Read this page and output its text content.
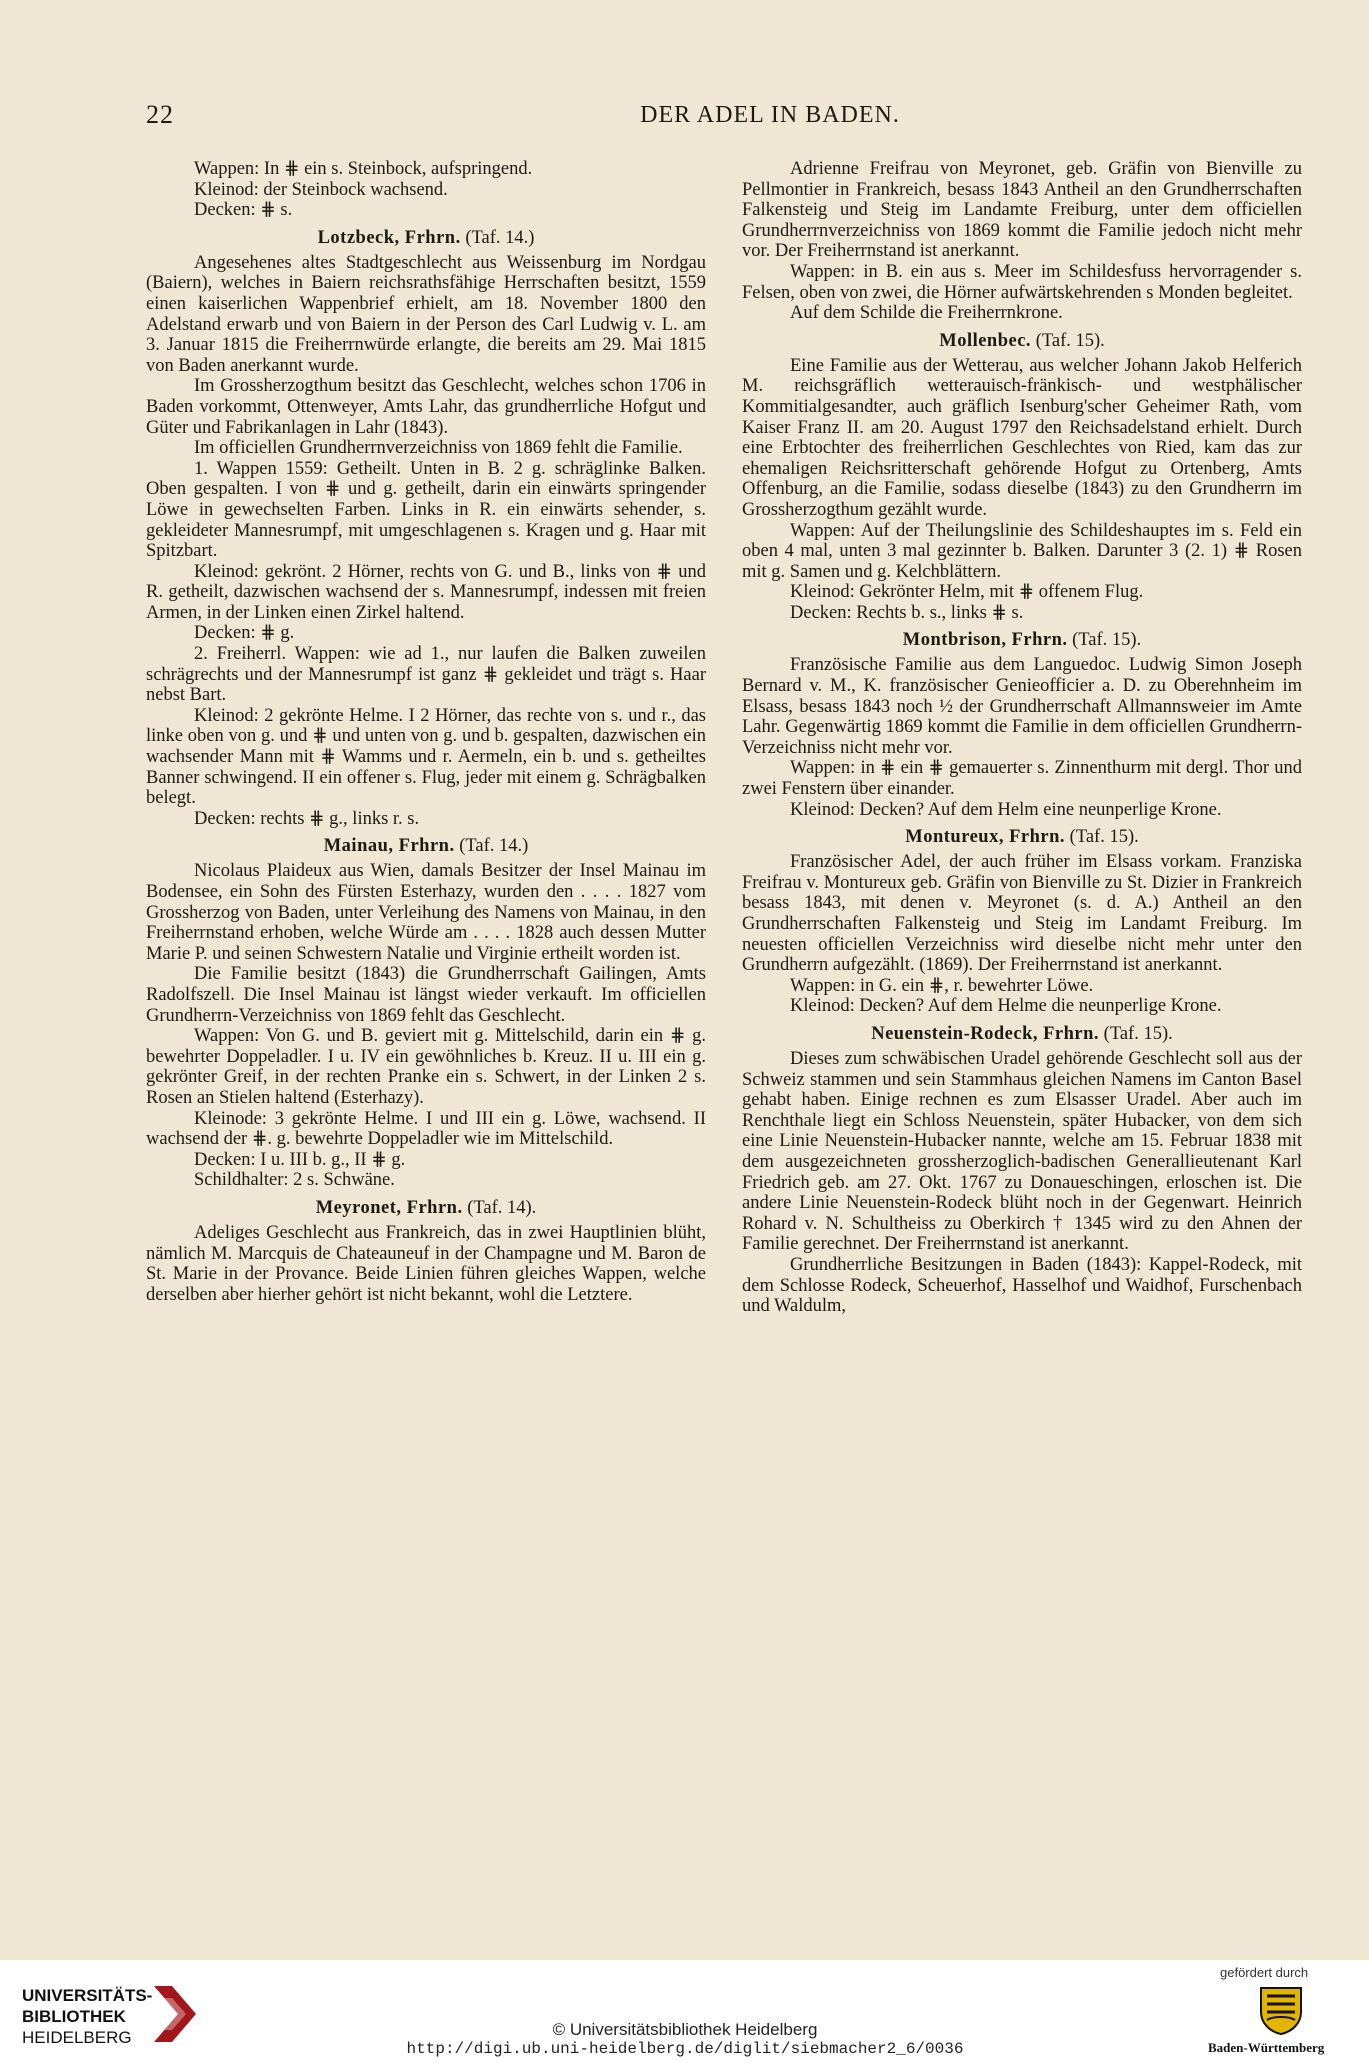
22	DER ADEL IN BADEN.

Wappen: In ⋕ ein s. Steinbock, aufspringend.

Kleinod: der Steinbock wachsend.

Decken: ⋕ s.

Lotzbeck, Frhrn. (Taf. 14.)

Angesehenes altes Stadtgeschlecht aus Weissenburg im Nordgau (Baiern), welches in Baiern reichsrathsfähige Herrschaften besitzt, 1559 einen kaiserlichen Wappenbrief erhielt, am 18. November 1800 den Adelstand erwarb und von Baiern in der Person des Carl Ludwig v. L. am 3. Januar 1815 die Freiherrnwürde erlangte, die bereits am 29. Mai 1815 von Baden anerkannt wurde.

Im Grossherzogthum besitzt das Geschlecht, welches schon 1706 in Baden vorkommt, Ottenweyer, Amts Lahr, das grundherrliche Hofgut und Güter und Fabrikanlagen in Lahr (1843).

Im officiellen Grundherrnverzeichniss von 1869 fehlt die Familie.

1. Wappen 1559: Getheilt. Unten in B. 2 g. schräglinke Balken. Oben gespalten. I von ⋕ und g. getheilt, darin ein einwärts springender Löwe in gewechselten Farben. Links in R. ein einwärts sehender, s. gekleideter Mannesrumpf, mit umgeschlagenen s. Kragen und g. Haar mit Spitzbart.

Kleinod: gekrönt. 2 Hörner, rechts von G. und B., links von ⋕ und R. getheilt, dazwischen wachsend der s. Mannesrumpf, indessen mit freien Armen, in der Linken einen Zirkel haltend.

Decken: ⋕ g.

2. Freiherrl. Wappen: wie ad 1., nur laufen die Balken zuweilen schrägrechts und der Mannesrumpf ist ganz ⋕ gekleidet und trägt s. Haar nebst Bart.

Kleinod: 2 gekrönte Helme. I 2 Hörner, das rechte von s. und r., das linke oben von g. und ⋕ und unten von g. und b. gespalten, dazwischen ein wachsender Mann mit ⋕ Wamms und r. Aermeln, ein b. und s. getheiltes Banner schwingend. II ein offener s. Flug, jeder mit einem g. Schrägbalken belegt.

Decken: rechts ⋕ g., links r. s.

Mainau, Frhrn. (Taf. 14.)

Nicolaus Plaideux aus Wien, damals Besitzer der Insel Mainau im Bodensee, ein Sohn des Fürsten Esterhazy, wurden den . . . . 1827 vom Grossherzog von Baden, unter Verleihung des Namens von Mainau, in den Freiherrnstand erhoben, welche Würde am . . . . 1828 auch dessen Mutter Marie P. und seinen Schwestern Natalie und Virginie ertheilt worden ist.

Die Familie besitzt (1843) die Grundherrschaft Gailingen, Amts Radolfszell. Die Insel Mainau ist längst wieder verkauft. Im officiellen Grundherrn-Verzeichniss von 1869 fehlt das Geschlecht.

Wappen: Von G. und B. geviert mit g. Mittelschild, darin ein ⋕ g. bewehrter Doppeladler. I u. IV ein gewöhnliches b. Kreuz. II u. III ein g. gekrönter Greif, in der rechten Pranke ein s. Schwert, in der Linken 2 s. Rosen an Stielen haltend (Esterhazy).

Kleinode: 3 gekrönte Helme. I und III ein g. Löwe, wachsend. II wachsend der ⋕. g. bewehrte Doppeladler wie im Mittelschild.

Decken: I u. III b. g., II ⋕ g.

Schildhalter: 2 s. Schwäne.

Meyronet, Frhrn. (Taf. 14).

Adeliges Geschlecht aus Frankreich, das in zwei Hauptlinien blüht, nämlich M. Marcquis de Chateauneuf in der Champagne und M. Baron de St. Marie in der Provance. Beide Linien führen gleiches Wappen, welche derselben aber hierher gehört ist nicht bekannt, wohl die Letztere.

Adrienne Freifrau von Meyronet, geb. Gräfin von Bienville zu Pellmontier in Frankreich, besass 1843 Antheil an den Grundherrschaften Falkensteig und Steig im Landamte Freiburg, unter dem officiellen Grundherrnverzeichniss von 1869 kommt die Familie jedoch nicht mehr vor. Der Freiherrnstand ist anerkannt.

Wappen: in B. ein aus s. Meer im Schildesfuss hervorragender s. Felsen, oben von zwei, die Hörner aufwärtskehrenden s Monden begleitet.

Auf dem Schilde die Freiherrnkrone.

Mollenbec. (Taf. 15).

Eine Familie aus der Wetterau, aus welcher Johann Jakob Helferich M. reichsgräflich wetterauisch-fränkisch- und westphälischer Kommitialgesandter, auch gräflich Isenburg'scher Geheimer Rath, vom Kaiser Franz II. am 20. August 1797 den Reichsadelstand erhielt. Durch eine Erbtochter des freiherrlichen Geschlechtes von Ried, kam das zur ehemaligen Reichsritterschaft gehörende Hofgut zu Ortenberg, Amts Offenburg, an die Familie, sodass dieselbe (1843) zu den Grundherrn im Grossherzogthum gezählt wurde.

Wappen: Auf der Theilungslinie des Schildeshauptes im s. Feld ein oben 4 mal, unten 3 mal gezinnter b. Balken. Darunter 3 (2. 1) ⋕ Rosen mit g. Samen und g. Kelchblättern.

Kleinod: Gekrönter Helm, mit ⋕ offenem Flug.

Decken: Rechts b. s., links ⋕ s.

Montbrison, Frhrn. (Taf. 15).

Französische Familie aus dem Languedoc. Ludwig Simon Joseph Bernard v. M., K. französischer Genieofficier a. D. zu Oberehnheim im Elsass, besass 1843 noch ½ der Grundherrschaft Allmannsweier im Amte Lahr. Gegenwärtig 1869 kommt die Familie in dem officiellen Grundherrn-Verzeichniss nicht mehr vor.

Wappen: in ⋕ ein ⋕ gemauerter s. Zinnenthurm mit dergl. Thor und zwei Fenstern über einander.

Kleinod: Decken? Auf dem Helm eine neunperlige Krone.

Montureux, Frhrn. (Taf. 15).

Französischer Adel, der auch früher im Elsass vorkam. Franziska Freifrau v. Montureux geb. Gräfin von Bienville zu St. Dizier in Frankreich besass 1843, mit denen v. Meyronet (s. d. A.) Antheil an den Grundherrschaften Falkensteig und Steig im Landamt Freiburg. Im neuesten officiellen Verzeichniss wird dieselbe nicht mehr unter den Grundherrn aufgezählt. (1869). Der Freiherrnstand ist anerkannt.

Wappen: in G. ein ⋕, r. bewehrter Löwe.

Kleinod: Decken? Auf dem Helme die neunperlige Krone.

Neuenstein-Rodeck, Frhrn. (Taf. 15).

Dieses zum schwäbischen Uradel gehörende Geschlecht soll aus der Schweiz stammen und sein Stammhaus gleichen Namens im Canton Basel gehabt haben. Einige rechnen es zum Elsasser Uradel. Aber auch im Renchthale liegt ein Schloss Neuenstein, später Hubacker, von dem sich eine Linie Neuenstein-Hubacker nannte, welche am 15. Februar 1838 mit dem ausgezeichneten grossherzoglich-badischen Generallieutenant Karl Friedrich geb. am 27. Okt. 1767 zu Donaueschingen, erloschen ist. Die andere Linie Neuenstein-Rodeck blüht noch in der Gegenwart. Heinrich Rohard v. N. Schultheiss zu Oberkirch † 1345 wird zu den Ahnen der Familie gerechnet. Der Freiherrnstand ist anerkannt.

Grundherrliche Besitzungen in Baden (1843): Kappel-Rodeck, mit dem Schlosse Rodeck, Scheuerhof, Hasselhof und Waidhof, Furschenbach und Waldulm,

UNIVERSITÄTS-
BIBLIOTHEK
HEIDELBERG	© Universitätsbibliothek Heidelberg
http://digi.ub.uni-heidelberg.de/diglit/siebmacher2_6/0036
gefördert durch
Baden-Württemberg
